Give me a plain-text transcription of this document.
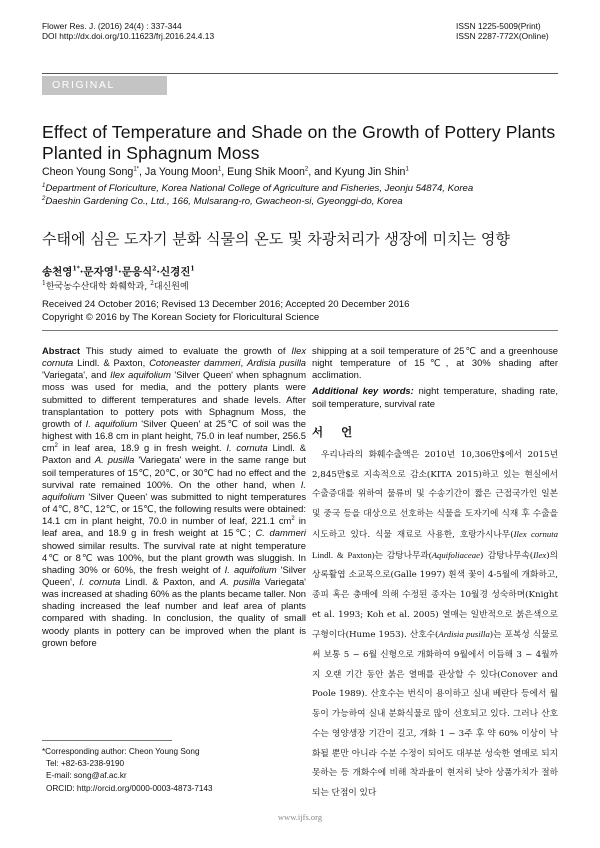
Flower Res. J. (2016) 24(4) : 337-344
DOI http://dx.doi.org/10.11623/frj.2016.24.4.13
ISSN 1225-5009(Print)
ISSN 2287-772X(Online)
ORIGINAL ARTICLE
Effect of Temperature and Shade on the Growth of Pottery Plants Planted in Sphagnum Moss
Cheon Young Song$^{1*}$, Ja Young Moon$^1$, Eung Shik Moon$^2$, and Kyung Jin Shin$^1$
$^1$Department of Floriculture, Korea National College of Agriculture and Fisheries, Jeonju 54874, Korea
$^2$Daeshin Gardening Co., Ltd., 166, Mulsarang-ro, Gwacheon-si, Gyeonggi-do, Korea
수태에 심은 도자기 분화 식물의 온도 및 차광처리가 생장에 미치는 영향
송천영$^{1*}$·문자영$^1$·문응식$^2$·신경진$^1$
$^1$한국농수산대학 화훼학과, $^2$대신원예
Received 24 October 2016; Revised 13 December 2016; Accepted 20 December 2016
Copyright © 2016 by The Korean Society for Floricultural Science
Abstract This study aimed to evaluate the growth of Ilex cornuta Lindl. & Paxton, Cotoneaster dammeri, Ardisia pusilla 'Variegata', and Ilex aquifolium 'Silver Queen' when sphagnum moss was used for media, and the pottery plants were submitted to different temperatures and shade levels. After transplantation to pottery pots with Sphagnum Moss, the growth of I. aquifolium 'Silver Queen' at 25℃ of soil was the highest with 16.8 cm in plant height, 75.0 in leaf number, 256.5 $cm^2$ in leaf area, 18.9 g in fresh weight. I. cornuta Lindl. & Paxton and A. pusilla 'Variegata' were in the same range but soil temperatures of 15℃, 20℃, or 30℃ had no effect and the survival rate remained 100%. On the other hand, when I. aquifolium 'Silver Queen' was submitted to night temperatures of 4℃, 8℃, 12℃, or 15℃, the following results were obtained: 14.1 cm in plant height, 70.0 in number of leaf, 221.1 $cm^2$ in leaf area, and 18.9 g in fresh weight at 15℃; C. dammeri showed similar results. The survival rate at night temperature 4℃ or 8℃ was 100%, but the plant growth was sluggish. In shading 30% or 60%, the fresh weight of I. aquifolium 'Silver Queen', I. cornuta Lindl. & Paxton, and A. pusilla Variegata' was increased at shading 60% as the plants became taller. Non shading increased the leaf number and leaf area of plants compared with shading. In conclusion, the quality of small woody plants in pottery can be improved when the plant is grown before
shipping at a soil temperature of 25℃ and a greenhouse night temperature of 15℃, at 30% shading after acclimation.
Additional key words: night temperature, shading rate, soil temperature, survival rate
서 언
우리나라의 화훼수출액은 2010년 10,306만$에서 2015년 2,845만$로 지속적으로 감소(KITA 2015)하고 있는 현실에서 수출증대를 위하여 물류비 및 수송기간이 짧은 근접국가인 일본 및 중국 등을 대상으로 선호하는 식물을 도자기에 식재 후 수출을 시도하고 있다. 식물 재료로 사용한, 호랑가시나무(Ilex cornuta Lindl. & Paxton)는 감탕나무과(Aquifoliaceae) 감탕나무속(Ilex)의 상록활엽 소교목으로(Galle 1997) 흰색 꽃이 4-5월에 개화하고, 종피 혹은 충매에 의해 수정된 종자는 10월경 성숙하며(Knight et al. 1993; Koh et al. 2005) 열매는 일반적으로 붉은색으로 구형이다(Hume 1953). 산호수(Ardisia pusilla)는 포복성 식물로써 보통 5 ~ 6월 신형으로 개화하여 9월에서 이듬해 3 ~ 4월까지 오랜 기간 동안 붉은 열매를 관상할 수 있다(Conover and Poole 1989). 산호수는 번식이 용이하고 실내 베란다 등에서 월동이 가능하여 실내 분화식물로 많이 선호되고 있다. 그러나 산호수는 영양생장 기간이 길고, 개화 1 ~ 3주 후 약 60% 이상이 낙화될 뿐만 아니라 수분 수정이 되어도 대부분 성숙한 열매로 되지 못하는 등 개화수에 비해 착과율이 현저히 낮아 상품가치가 절하되는 단점이 있다
*Corresponding author: Cheon Young Song
Tel: +82-63-238-9190
E-mail: song@af.ac.kr
ORCID: http://orcid.org/0000-0003-4873-7143
www.ijfs.org
